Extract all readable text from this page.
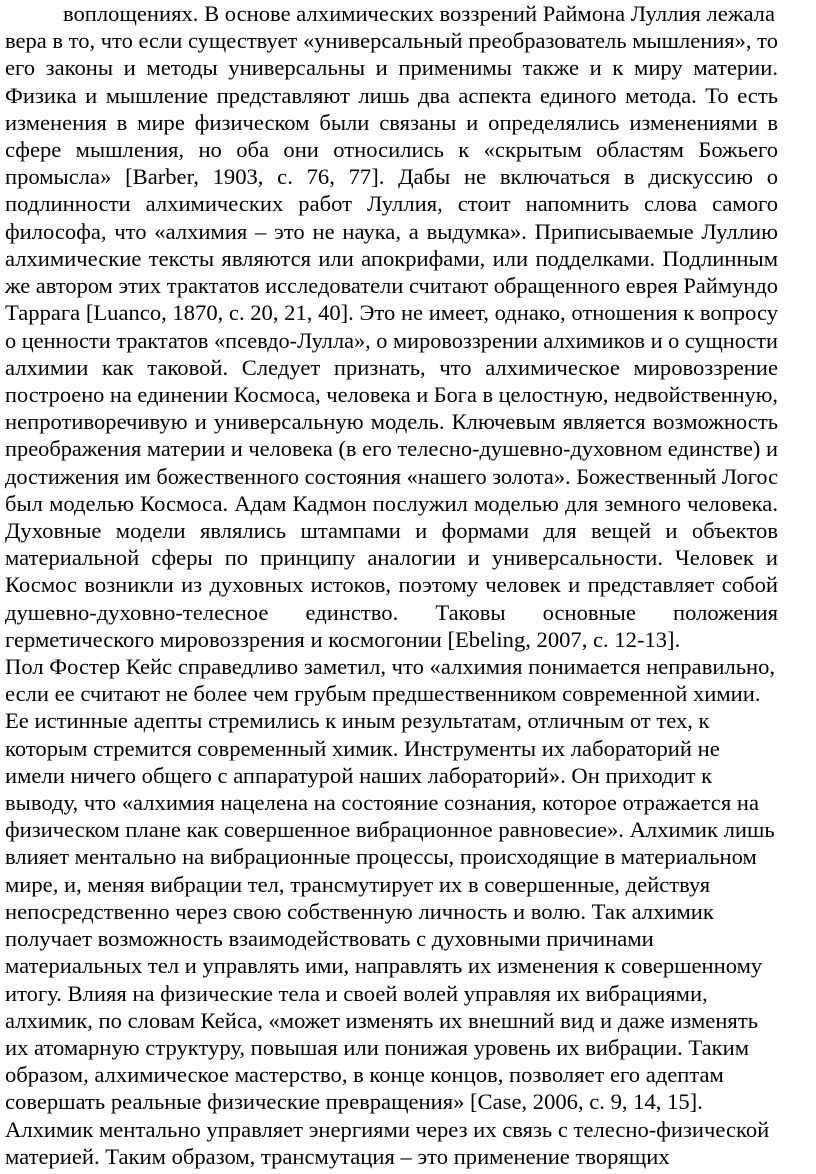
воплощениях. В основе алхимических воззрений Раймона Луллия лежала
вера в то, что если существует «универсальный преобразователь мышления», то
его законы и методы универсальны и применимы также и к миру материи.
Физика и мышление представляют лишь два аспекта единого метода. То есть
изменения в мире физическом были связаны и определялись изменениями в
сфере мышления, но оба они относились к «скрытым областям Божьего
промысла» [Barber, 1903, с. 76, 77]. Дабы не включаться в дискуссию о
подлинности алхимических работ Луллия, стоит напомнить слова самого
философа, что «алхимия – это не наука, а выдумка». Приписываемые Луллию
алхимические тексты являются или апокрифами, или подделками. Подлинным
же автором этих трактатов исследователи считают обращенного еврея Раймундо
Таррага [Luanco, 1870, с. 20, 21, 40]. Это не имеет, однако, отношения к вопросу
о ценности трактатов «псевдо-Лулла», о мировоззрении алхимиков и о сущности
алхимии как таковой. Следует признать, что алхимическое мировоззрение
построено на единении Космоса, человека и Бога в целостную, недвойственную,
непротиворечивую и универсальную модель. Ключевым является возможность
преображения материи и человека (в его телесно-душевно-духовном единстве) и
достижения им божественного состояния «нашего золота». Божественный Логос
был моделью Космоса. Адам Кадмон послужил моделью для земного человека.
Духовные модели являлись штампами и формами для вещей и объектов
материальной сферы по принципу аналогии и универсальности. Человек и
Космос возникли из духовных истоков, поэтому человек и представляет собой
душевно-духовно-телесное единство. Таковы основные положения
герметического мировоззрения и космогонии [Ebeling, 2007, с. 12-13].
Пол Фостер Кейс справедливо заметил, что «алхимия понимается неправильно,
если ее считают не более чем грубым предшественником современной химии.
Ее истинные адепты стремились к иным результатам, отличным от тех, к
которым стремится современный химик. Инструменты их лабораторий не
имели ничего общего с аппаратурой наших лабораторий». Он приходит к
выводу, что «алхимия нацелена на состояние сознания, которое отражается на
физическом плане как совершенное вибрационное равновесие». Алхимик лишь
влияет ментально на вибрационные процессы, происходящие в материальном
мире, и, меняя вибрации тел, трансмутирует их в совершенные, действуя
непосредственно через свою собственную личность и волю. Так алхимик
получает возможность взаимодействовать с духовными причинами
материальных тел и управлять ими, направлять их изменения к совершенному
итогу. Влияя на физические тела и своей волей управляя их вибрациями,
алхимик, по словам Кейса, «может изменять их внешний вид и даже изменять
их атомарную структуру, повышая или понижая уровень их вибрации. Таким
образом, алхимическое мастерство, в конце концов, позволяет его адептам
совершать реальные физические превращения» [Case, 2006, с. 9, 14, 15].
Алхимик ментально управляет энергиями через их связь с телесно-физической
материей. Таким образом, трансмутация – это применение творящих
